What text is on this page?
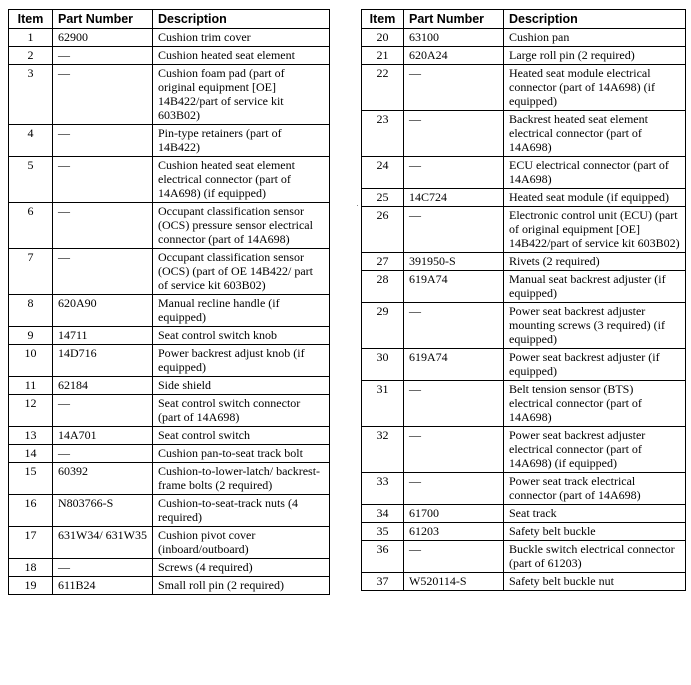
Item	Part Number	Description
1	62900	Cushion trim cover
2	—	Cushion heated seat element
3	—	Cushion foam pad (part of original equipment [OE] 14B422/part of service kit 603B02)
4	—	Pin-type retainers (part of 14B422)
5	—	Cushion heated seat element electrical connector (part of 14A698) (if equipped)
6	—	Occupant classification sensor (OCS) pressure sensor electrical connector (part of 14A698)
7	—	Occupant classification sensor (OCS) (part of OE 14B422/ part of service kit 603B02)
8	620A90	Manual recline handle (if equipped)
9	14711	Seat control switch knob
10	14D716	Power backrest adjust knob (if equipped)
11	62184	Side shield
12	—	Seat control switch connector (part of 14A698)
13	14A701	Seat control switch
14	—	Cushion pan-to-seat track bolt
15	60392	Cushion-to-lower-latch/ backrest-frame bolts (2 required)
16	N803766-S	Cushion-to-seat-track nuts (4 required)
17	631W34/ 631W35	Cushion pivot cover (inboard/outboard)
18	—	Screws (4 required)
19	611B24	Small roll pin (2 required)
Item	Part Number	Description
20	63100	Cushion pan
21	620A24	Large roll pin (2 required)
22	—	Heated seat module electrical connector (part of 14A698) (if equipped)
23	—	Backrest heated seat element electrical connector (part of 14A698)
24	—	ECU electrical connector (part of 14A698)
25	14C724	Heated seat module (if equipped)
26	—	Electronic control unit (ECU) (part of original equipment [OE] 14B422/part of service kit 603B02)
27	391950-S	Rivets (2 required)
28	619A74	Manual seat backrest adjuster (if equipped)
29	—	Power seat backrest adjuster mounting screws (3 required) (if equipped)
30	619A74	Power seat backrest adjuster (if equipped)
31	—	Belt tension sensor (BTS) electrical connector (part of 14A698)
32	—	Power seat backrest adjuster electrical connector (part of 14A698) (if equipped)
33	—	Power seat track electrical connector (part of 14A698)
34	61700	Seat track
35	61203	Safety belt buckle
36	—	Buckle switch electrical connector (part of 61203)
37	W520114-S	Safety belt buckle nut
